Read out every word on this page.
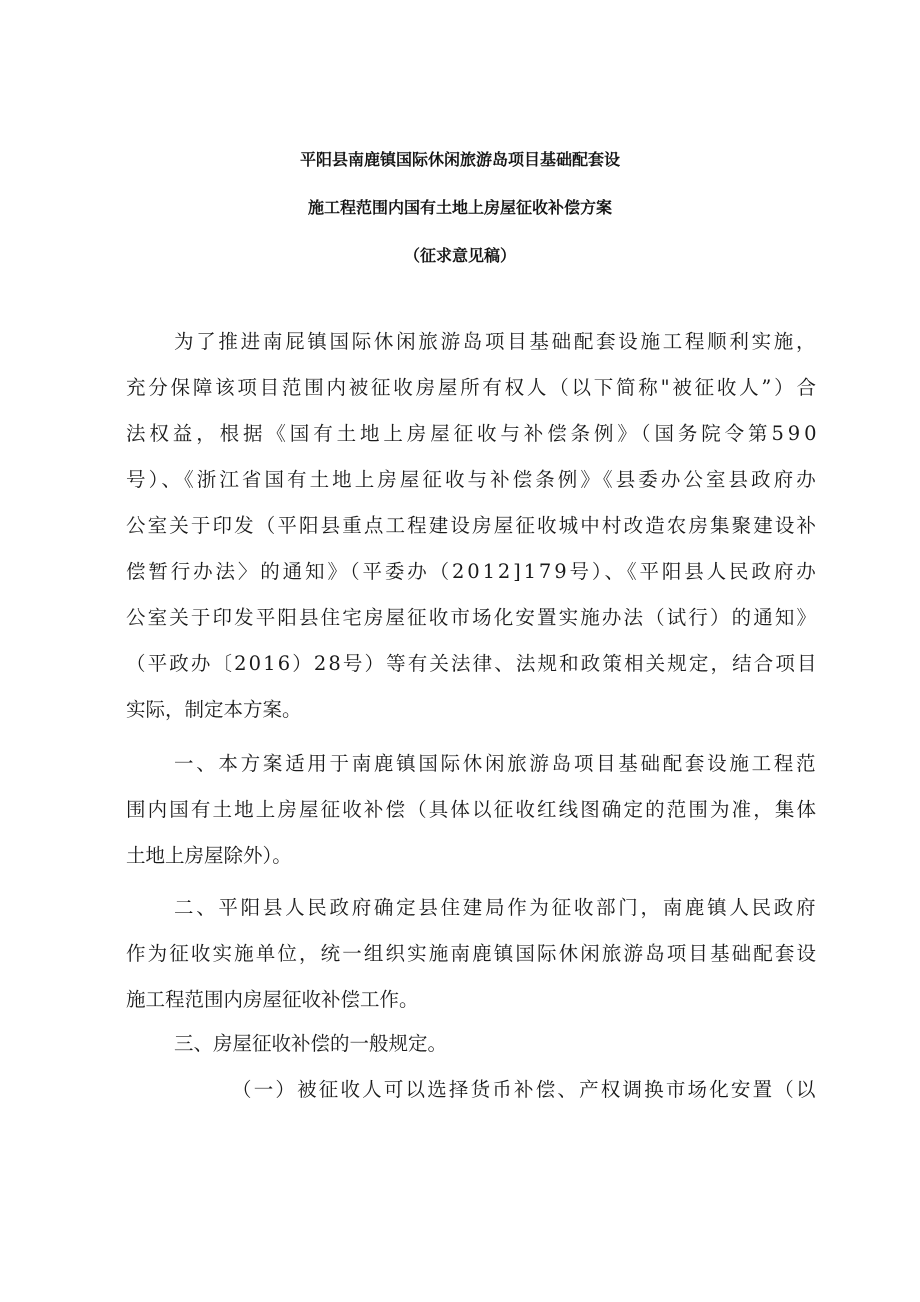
平阳县南鹿镇国际休闲旅游岛项目基础配套设
施工程范围内国有土地上房屋征收补偿方案
（征求意见稿）
为了推进南屁镇国际休闲旅游岛项目基础配套设施工程顺利实施，
充分保障该项目范围内被征收房屋所有权人（以下简称"被征收人”）合
法权益，根据《国有土地上房屋征收与补偿条例》（国务院令第590
号）、《浙江省国有土地上房屋征收与补偿条例》《县委办公室县政府办
公室关于印发（平阳县重点工程建设房屋征收城中村改造农房集聚建设补
偿暂行办法〉的通知》（平委办（2012]179号）、《平阳县人民政府办
公室关于印发平阳县住宅房屋征收市场化安置实施办法（试行）的通知》
（平政办〔2016）28号）等有关法律、法规和政策相关规定，结合项目
实际，制定本方案。
一、本方案适用于南鹿镇国际休闲旅游岛项目基础配套设施工程范
围内国有土地上房屋征收补偿（具体以征收红线图确定的范围为准，集体
土地上房屋除外）。
二、平阳县人民政府确定县住建局作为征收部门，南鹿镇人民政府
作为征收实施单位，统一组织实施南鹿镇国际休闲旅游岛项目基础配套设
施工程范围内房屋征收补偿工作。
三、房屋征收补偿的一般规定。
（一）被征收人可以选择货币补偿、产权调换市场化安置（以
